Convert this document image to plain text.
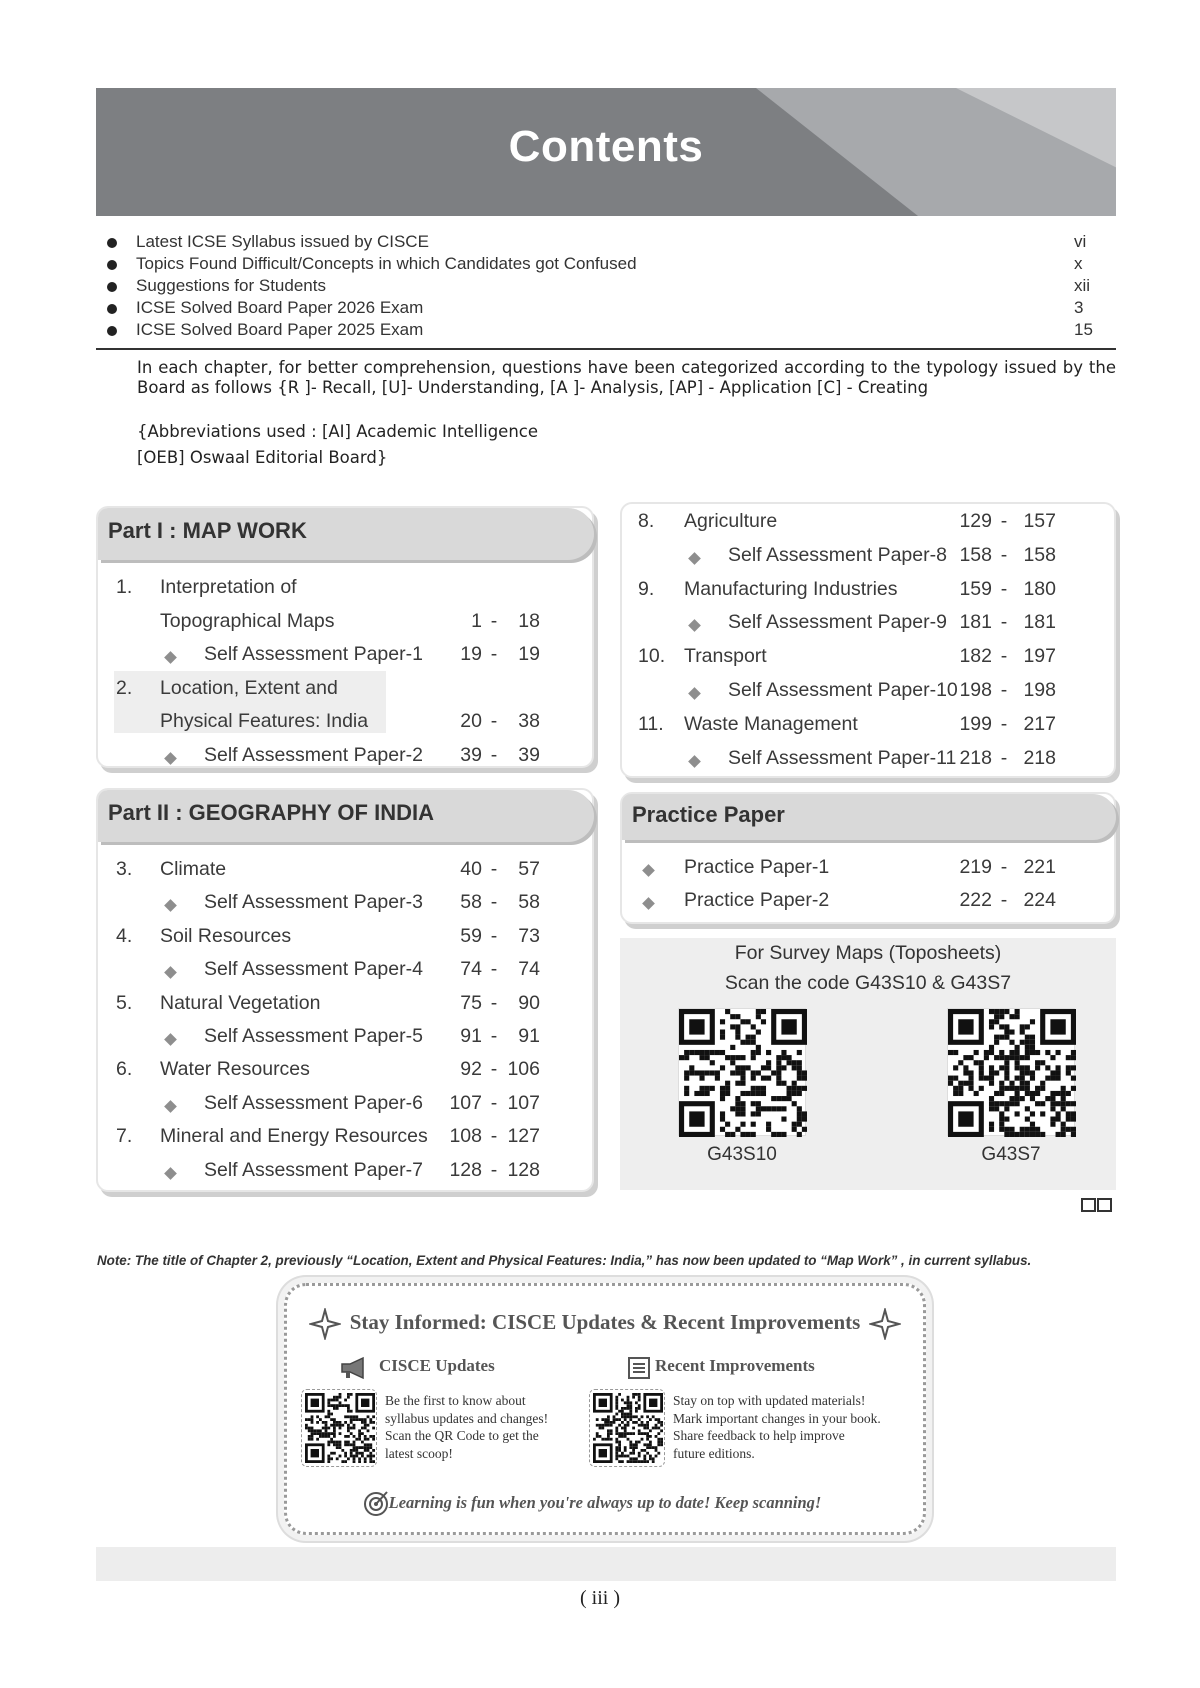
Contents
Latest ICSE Syllabus issued by CISCE	vi
Topics Found Difficult/Concepts in which Candidates got Confused	x
Suggestions for Students	xii
ICSE Solved Board Paper 2026 Exam	3
ICSE Solved Board Paper 2025 Exam	15

In each chapter, for better comprehension, questions have been categorized according to the typology issued by the Board as follows {R ]- Recall, [U]- Understanding, [A ]- Analysis, [AP] - Application [C] - Creating

{Abbreviations used : [AI] Academic Intelligence

[OEB] Oswaal Editorial Board}

Part I : MAP WORK
1. Interpretation of
Topographical Maps	1 -	18
Self Assessment Paper-1	19 -	19
2. Location, Extent and
Physical Features: India	20 -	38
Self Assessment Paper-2	39 -	39
Part II : GEOGRAPHY OF INDIA
3. Climate	40 -	57
Self Assessment Paper-3	58 -	58
4. Soil Resources	59 -	73
Self Assessment Paper-4	74 -	74
5. Natural Vegetation	75 -	90
Self Assessment Paper-5	91 -	91
6. Water Resources	92 - 106
Self Assessment Paper-6	107 - 107
7. Mineral and Energy Resources	108 - 127
Self Assessment Paper-7	128 - 128
8. Agriculture	129 - 157
Self Assessment Paper-8 158 - 158
9. Manufacturing Industries	159 - 180
Self Assessment Paper-9 181 - 181
10. Transport	182 - 197
Self Assessment Paper-10 198 - 198
11. Waste Management	199 - 217
Self Assessment Paper-11 218 - 218
Practice Paper
Practice Paper-1	219 - 221
Practice Paper-2	222 - 224
For Survey Maps (Toposheets)
Scan the code G43S10 & G43S7
G43S10	G43S7

Note: The title of Chapter 2, previously “Location, Extent and Physical Features: India,” has now been updated to “Map Work” , in current syllabus.

Stay Informed: CISCE Updates & Recent Improvements
CISCE Updates	Recent Improvements
Be the first to know about
syllabus updates and changes!
Scan the QR Code to get the
latest scoop!
Stay on top with updated materials!
Mark important changes in your book.
Share feedback to help improve
future editions.
Learning is fun when you're always up to date! Keep scanning!
( iii )
